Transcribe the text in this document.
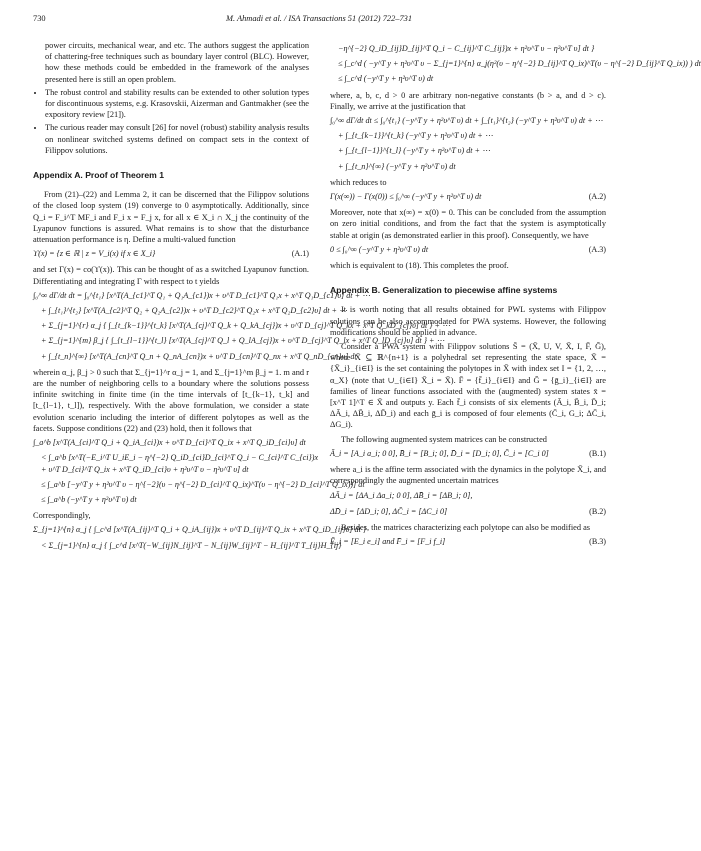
730	M. Ahmadi et al. / ISA Transactions 51 (2012) 722–731
power circuits, mechanical wear, and etc. The authors suggest the application of chattering-free techniques such as boundary layer control (BLC). However, how these methods could be embedded in the framework of the analyses presented here is still an open problem.
• The robust control and stability results can be extended to other solution types for discontinuous systems, e.g. Krasovskii, Aizerman and Gantmakher (see the expository review [21]).
• The curious reader may consult [26] for novel (robust) stability analysis results on nonlinear switched systems defined on compact sets in the context of Filippov solutions.
Appendix A. Proof of Theorem 1

From (21)–(22) and Lemma 2, it can be discerned that the Filippov solutions of the closed loop system (19) converge to 0 asymptotically. Additionally, since Q_i = F_i^T MF_i and F_i x = F_j x, for all x ∈ X_i ∩ X_j the continuity of the Lyapunov functions is assured. What remains is to show that the disturbance attenuation performance is η. Define a multi-valued function

ϒ(x) = {z ∈ ℝ | z = V_i(x) if x ∈ X_i}	(A.1)

and set Γ(x) = co(ϒ(x)). This can be thought of as a switched Lyapunov function. Differentiating and integrating Γ with respect to t yields

∫₀^∞ dΓ/dt dt = ∫₀^{t₁} [x^T(A_{c1}^T Q₁ + Q₁A_{c1})x + υ^T D_{c1}^T Q₁x + x^T Q₁D_{c1}υ] dt + ⋯
+ ∫_{t₁}^{t₂} [x^T(A_{c2}^T Q₂ + Q₂A_{c2})x + υ^T D_{c2}^T Q₂x + x^T Q₂D_{c2}υ] dt + ⋯
+ Σ_{j=1}^{r} α_j { ∫_{t_{k−1}}^{t_k} [x^T(A_{cj}^T Q_k + Q_kA_{cj})x + υ^T D_{cj}^T Q_kx + x^T Q_kD_{cj}υ] dt } + ⋯
+ Σ_{j=1}^{m} β_j { ∫_{t_{l−1}}^{t_l} [x^T(A_{cj}^T Q_l + Q_lA_{cj})x + υ^T D_{cj}^T Q_lx + x^T Q_lD_{cj}υ] dt } + ⋯
+ ∫_{t_n}^{∞} [x^T(A_{cn}^T Q_n + Q_nA_{cn})x + υ^T D_{cn}^T Q_nx + x^T Q_nD_{cn}υ] dt

wherein α_j, β_j > 0 such that Σ_{j=1}^r α_j = 1, and Σ_{j=1}^m β_j = 1. m and r are the number of neighboring cells to a boundary where the solutions possess infinite switching in finite time (in the time intervals of [t_{k−1}, t_k] and [t_{l−1}, t_l]), respectively. With the above formulation, we consider a state evolution scenario including the interior of different polytopes as well as the facets. Suppose conditions (22) and (23) hold, then it follows that

∫_a^b [x^T(A_{ci}^T Q_i + Q_iA_{ci})x + υ^T D_{ci}^T Q_ix + x^T Q_iD_{ci}υ] dt
< ∫_a^b [x^T(−E_i^T U_iE_i − η^{−2} Q_iD_{ci}D_{ci}^T Q_i − C_{ci}^T C_{ci})x
+ υ^T D_{ci}^T Q_ix + x^T Q_iD_{ci}υ + η²υ^T υ − η²υ^T υ] dt
≤ ∫_a^b [−y^T y + η²υ^T υ − η^{−2}(υ − η^{−2} D_{ci}^T Q_ix)^T(υ − η^{−2} D_{ci}^T Q_ix))] dt
≤ ∫_a^b (−y^T y + η²υ^T υ) dt

Correspondingly,

Σ_{j=1}^{n} α_j { ∫_c^d [x^T(A_{ij}^T Q_i + Q_iA_{ij})x + υ^T D_{ij}^T Q_ix + x^T Q_iD_{ij}υ] dt }
< Σ_{j=1}^{n} α_j { ∫_c^d [x^T(−W_{ij}N_{ij}^T − N_{ij}W_{ij}^T − H_{ij}^T T_{ij}H_{ij}
−η^{−2} Q_iD_{ij}D_{ij}^T Q_i − C_{ij}^T C_{ij})x + η²υ^T υ − η²υ^T υ] dt }
≤ ∫_c^d ( −y^T y + η²υ^T υ − Σ_{j=1}^{n} α_j(η²(υ − η^{−2} D_{ij}^T Q_ix)^T(υ − η^{−2} D_{ij}^T Q_ix)) ) dt
≤ ∫_c^d (−y^T y + η²υ^T υ) dt

where, a, b, c, d > 0 are arbitrary non-negative constants (b > a, and d > c). Finally, we arrive at the justification that

∫₀^∞ dΓ/dt dt ≤ ∫₀^{t₁} (−y^T y + η²υ^T υ) dt + ∫_{t₁}^{t₂} (−y^T y + η²υ^T υ) dt + ⋯
+ ∫_{t_{k−1}}^{t_k} (−y^T y + η²υ^T υ) dt + ⋯
+ ∫_{t_{l−1}}^{t_l} (−y^T y + η²υ^T υ) dt + ⋯
+ ∫_{t_n}^{∞} (−y^T y + η²υ^T υ) dt

which reduces to

Γ(x(∞)) − Γ(x(0)) ≤ ∫₀^∞ (−y^T y + η²υ^T υ) dt	(A.2)

Moreover, note that x(∞) = x(0) = 0. This can be concluded from the assumption on zero initial conditions, and from the fact that the system is asymptotically stable at origin (as demonstrated earlier in this proof). Consequently, we have

0 ≤ ∫₀^∞ (−y^T y + η²υ^T υ) dt	(A.3)

which is equivalent to (18). This completes the proof.

Appendix B. Generalization to piecewise affine systems

It is worth noting that all results obtained for PWL systems with Filippov solutions can be also accommodated for PWA systems. However, the following modifications should be applied in advance.

Consider a PWA system with Filippov solutions S̄ = (X̄, U, V, X̄, I, F̄, Ḡ), where X̄ ⊆ ℝ^{n+1} is a polyhedral set representing the state space, X̄ = {X̄_i}_{i∈I} is the set containing the polytopes in X̄ with index set I = {1, 2, …, α_X} (note that ∪_{i∈I} X̄_i = X̄). F̄ = {f̄_i}_{i∈I} and Ḡ = {ḡ_i}_{i∈I} are families of linear functions associated with the (augmented) system states x̄ = [x^T 1]^T ∈ X̄ and outputs y. Each f̄_i consists of six elements (Ā_i, B̄_i, D̄_i; ΔĀ_i, ΔB̄_i, ΔD̄_i) and each ḡ_i is composed of four elements (C̄_i, G_i; ΔC̄_i, ΔG_i).

The following augmented system matrices can be constructed

Ā_i = [A_i a_i; 0 0], B̄_i = [B_i; 0], D̄_i = [D_i; 0], C̄_i = [C_i 0]	(B.1)

where a_i is the affine term associated with the dynamics in the polytope X̄_i, and correspondingly the augmented uncertain matrices

ΔĀ_i = [ΔA_i Δa_i; 0 0], ΔB̄_i = [ΔB_i; 0],
ΔD̄_i = [ΔD_i; 0], ΔC̄_i = [ΔC_i 0]	(B.2)

Besides, the matrices characterizing each polytope can also be modified as

Ē_i = [E_i e_i] and F̄_i = [F_i f_i]	(B.3)
